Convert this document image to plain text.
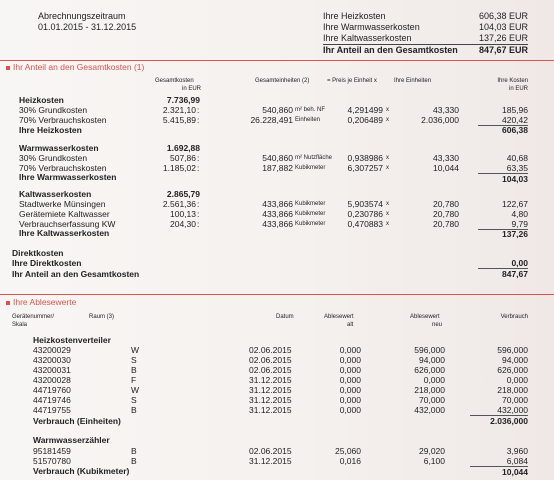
Abrechnungszeitraum
01.01.2015 - 31.12.2015
Ihre Heizkosten	606,38 EUR
Ihre Warmwasserkosten	104,03 EUR
Ihre Kaltwasserkosten	137,26 EUR
Ihr Anteil an den Gesamtkosten 847,67 EUR
Ihr Anteil an den Gesamtkosten (1)
Gesamtkosten
in EUR
Gesamteinheiten (2)	= Preis je Einheit x	Ihre Einheiten	Ihre Kosten
in EUR
Heizkosten	7.736,99
30% Grundkosten	2.321,10 :	540,860 m² beh. NF	4,291499 x	43,330	185,96
70% Verbrauchskosten	5.415,89 :	26.228,491 Einheiten	0,206489 x	2.036,000	420,42
Ihre Heizkosten	606,38
Warmwasserkosten	1.692,88
30% Grundkosten	507,86 :	540,860 m² Nutzfläche 0,938986 x	43,330	40,68
70% Verbrauchskosten	1.185,02 :	187,882 Kubikmeter	6,307257 x	10,044	63,35
Ihre Warmwasserkosten	104,03
Kaltwasserkosten	2.865,79
Stadtwerke Münsingen	2.561,36 :	433,866 Kubikmeter	5,903574 x	20,780	122,67
Gerätemiete Kaltwasser	100,13 :	433,866 Kubikmeter	0,230786 x	20,780	4,80
Verbrauchserfassung KW	204,30 :	433,866 Kubikmeter	0,470883 x	20,780	9,79
Ihre Kaltwasserkosten	137,26
Direktkosten
Ihre Direktkosten	0,00
Ihr Anteil an den Gesamtkosten	847,67
Ihre Ablesewerte
Gerätenummer/
Skala
Raum (3)	Datum	Ablesewert
alt
Ablesewert
neu
Verbrauch
Heizkostenverteiler
43200029	W	02.06.2015	0,000	596,000	596,000
43200030	S	02.06.2015	0,000	94,000	94,000
43200031	B	02.06.2015	0,000	626,000	626,000
43200028	F	31.12.2015	0,000	0,000	0,000
44719760	W	31.12.2015	0,000	218,000	218,000
44719746	S	31.12.2015	0,000	70,000	70,000
44719755	B	31.12.2015	0,000	432,000	432,000
Verbrauch (Einheiten)	2.036,000
Warmwasserzähler
95181459	B	02.06.2015	25,060	29,020	3,960
51570780	B	31.12.2015	0,016	6,100	6,084
Verbrauch (Kubikmeter)	10,044
